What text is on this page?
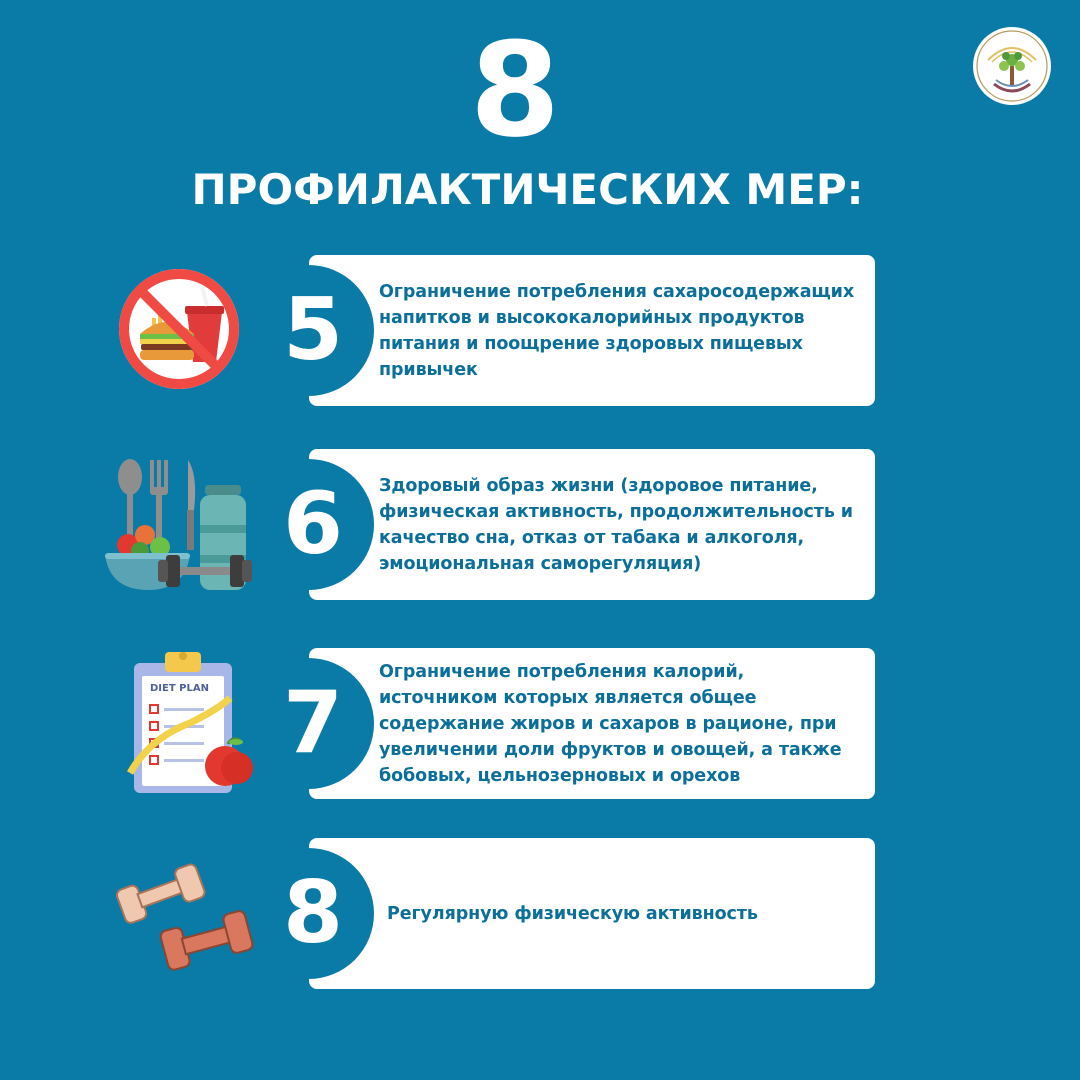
8
ПРОФИЛАКТИЧЕСКИХ МЕР:
5	Ограничение потребления сахаросодержащих напитков и высококалорийных продуктов питания и поощрение здоровых пищевых привычек
6	Здоровый образ жизни (здоровое питание, физическая активность, продолжительность и качество сна, отказ от табака и алкоголя, эмоциональная саморегуляция)
7
Ограничение потребления калорий, источником которых является общее содержание жиров и сахаров в рационе, при увеличении доли фруктов и овощей, а также бобовых, цельнозерновых и орехов
8	Регулярную физическую активность
DIET PLAN
